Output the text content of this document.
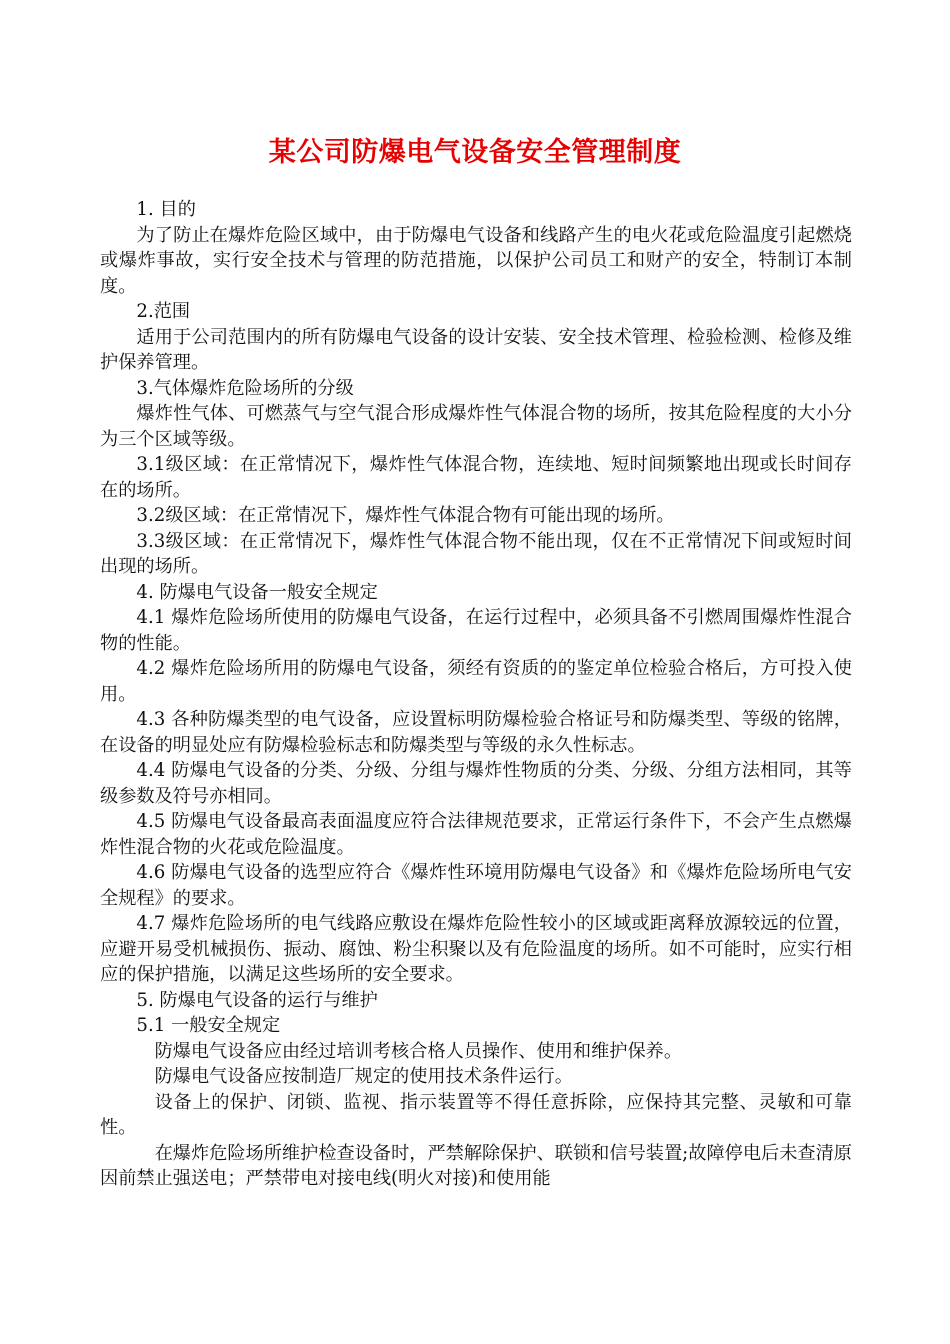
某公司防爆电气设备安全管理制度

1. 目的

为了防止在爆炸危险区域中，由于防爆电气设备和线路产生的电火花或危险温度引起燃烧或爆炸事故，实行安全技术与管理的防范措施，以保护公司员工和财产的安全，特制订本制度。

2.范围

适用于公司范围内的所有防爆电气设备的设计安装、安全技术管理、检验检测、检修及维护保养管理。

3.气体爆炸危险场所的分级

爆炸性气体、可燃蒸气与空气混合形成爆炸性气体混合物的场所，按其危险程度的大小分为三个区域等级。

3.1级区域：在正常情况下，爆炸性气体混合物，连续地、短时间频繁地出现或长时间存在的场所。

3.2级区域：在正常情况下，爆炸性气体混合物有可能出现的场所。

3.3级区域：在正常情况下，爆炸性气体混合物不能出现，仅在不正常情况下间或短时间出现的场所。

4. 防爆电气设备一般安全规定

4.1 爆炸危险场所使用的防爆电气设备，在运行过程中，必须具备不引燃周围爆炸性混合物的性能。

4.2 爆炸危险场所用的防爆电气设备，须经有资质的的鉴定单位检验合格后，方可投入使用。

4.3 各种防爆类型的电气设备，应设置标明防爆检验合格证号和防爆类型、等级的铭牌，在设备的明显处应有防爆检验标志和防爆类型与等级的永久性标志。

4.4 防爆电气设备的分类、分级、分组与爆炸性物质的分类、分级、分组方法相同，其等级参数及符号亦相同。

4.5 防爆电气设备最高表面温度应符合法律规范要求，正常运行条件下，不会产生点燃爆炸性混合物的火花或危险温度。

4.6 防爆电气设备的选型应符合《爆炸性环境用防爆电气设备》和《爆炸危险场所电气安全规程》的要求。

4.7 爆炸危险场所的电气线路应敷设在爆炸危险性较小的区域或距离释放源较远的位置， 应避开易受机械损伤、振动、腐蚀、粉尘积聚以及有危险温度的场所。如不可能时，应实行相 应的保护措施，以满足这些场所的安全要求。

5. 防爆电气设备的运行与维护

5.1 一般安全规定

防爆电气设备应由经过培训考核合格人员操作、使用和维护保养。

防爆电气设备应按制造厂规定的使用技术条件运行。

设备上的保护、闭锁、监视、指示装置等不得任意拆除，应保持其完整、灵敏和可靠性。

在爆炸危险场所维护检查设备时，严禁解除保护、联锁和信号装置;故障停电后未查清原因前禁止强送电；严禁带电对接电线(明火对接)和使用能
